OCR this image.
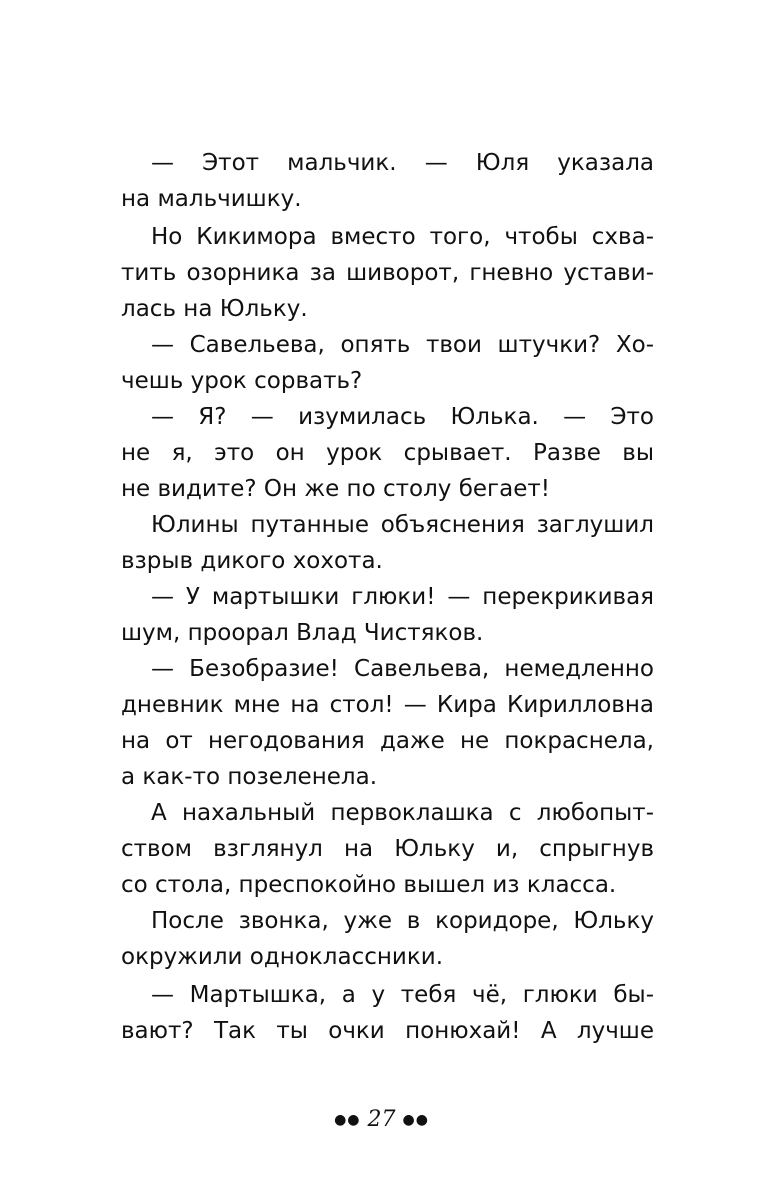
— Этот мальчик. — Юля указала
на мальчишку.
Но Кикимора вместо того, чтобы схва-
тить озорника за шиворот, гневно устави-
лась на Юльку.
— Савельева, опять твои штучки? Хо-
чешь урок сорвать?
— Я? — изумилась Юлька. — Это
не я, это он урок срывает. Разве вы
не видите? Он же по столу бегает!
Юлины путанные объяснения заглушил
взрыв дикого хохота.
— У мартышки глюки! — перекрикивая
шум, проорал Влад Чистяков.
— Безобразие! Савельева, немедленно
дневник мне на стол! — Кира Кирилловна
на от негодования даже не покраснела,
а как-то позеленела.
А нахальный первоклашка с любопыт-
ством взглянул на Юльку и, спрыгнув
со стола, преспокойно вышел из класса.
После звонка, уже в коридоре, Юльку
окружили одноклассники.
— Мартышка, а у тебя чё, глюки бы-
вают? Так ты очки понюхай! А лучше
●● 27 ●●
